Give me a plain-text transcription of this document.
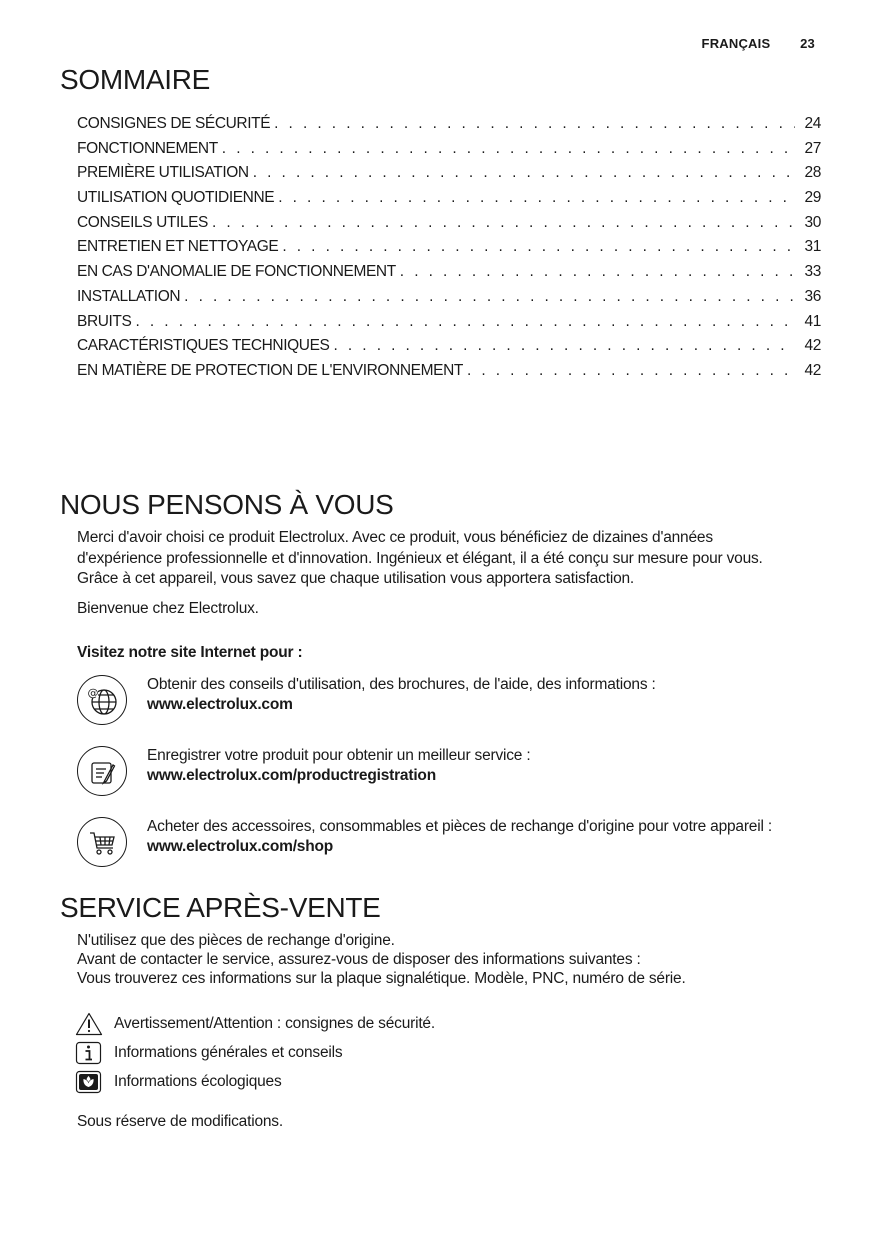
FRANÇAIS 23
SOMMAIRE
CONSIGNES DE SÉCURITÉ . . .	24
FONCTIONNEMENT . . .	27
PREMIÈRE UTILISATION . . .	28
UTILISATION QUOTIDIENNE . . .	29
CONSEILS UTILES . . .	30
ENTRETIEN ET NETTOYAGE . . .	31
EN CAS D'ANOMALIE DE FONCTIONNEMENT . . .	33
INSTALLATION . . .	36
BRUITS . . .	41
CARACTÉRISTIQUES TECHNIQUES . . .	42
EN MATIÈRE DE PROTECTION DE L'ENVIRONNEMENT . . .	42
NOUS PENSONS À VOUS
Merci d'avoir choisi ce produit Electrolux. Avec ce produit, vous bénéficiez de dizaines d'années d'expérience professionnelle et d'innovation. Ingénieux et élégant, il a été conçu sur mesure pour vous. Grâce à cet appareil, vous savez que chaque utilisation vous apportera satisfaction.
Bienvenue chez Electrolux.
Visitez notre site Internet pour :
@	Obtenir des conseils d'utilisation, des brochures, de l'aide, des informations :
www.electrolux.com
Enregistrer votre produit pour obtenir un meilleur service :
www.electrolux.com/productregistration
Acheter des accessoires, consommables et pièces de rechange d'origine pour votre appareil :
www.electrolux.com/shop
SERVICE APRÈS-VENTE
N'utilisez que des pièces de rechange d'origine.
Avant de contacter le service, assurez-vous de disposer des informations suivantes :
Vous trouverez ces informations sur la plaque signalétique. Modèle, PNC, numéro de série.
Avertissement/Attention : consignes de sécurité.
Informations générales et conseils
Informations écologiques
Sous réserve de modifications.
